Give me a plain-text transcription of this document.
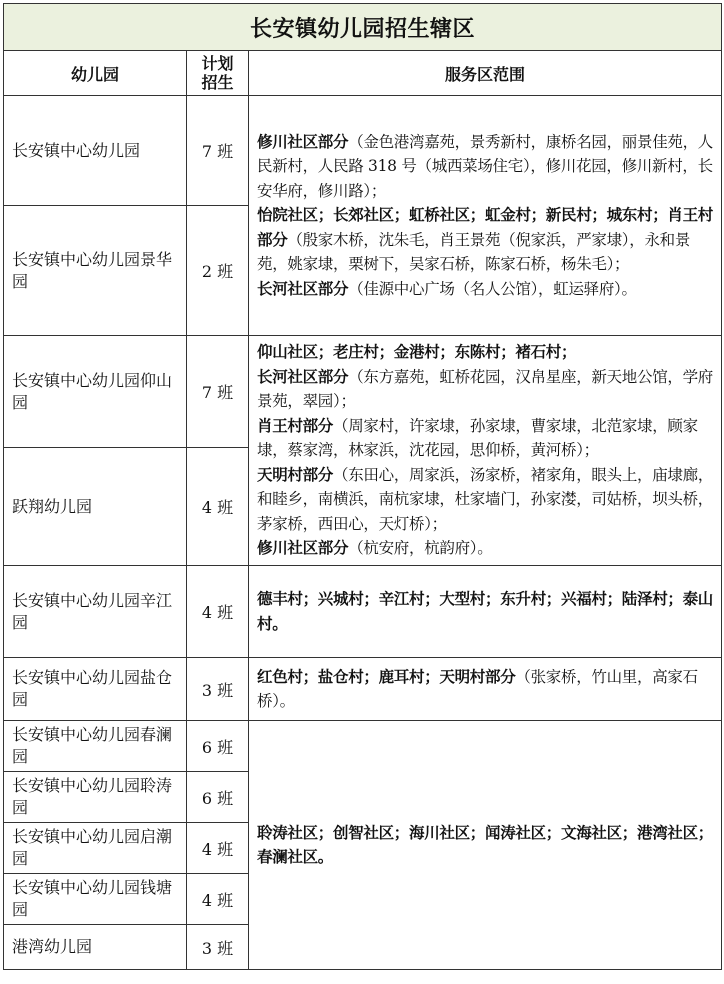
长安镇幼儿园招生辖区		
幼儿园	计划招生	服务区范围
长安镇中心幼儿园	7 班	修川社区部分（金色港湾嘉苑，景秀新村，康桥名园，丽景佳苑，人民新村，人民路 318 号（城西菜场住宅），修川花园，修川新村，长安华府，修川路）；
怡院社区；长郊社区；虹桥社区；虹金村；新民村；城东村；肖王村部分（殷家木桥，沈朱毛，肖王景苑（倪家浜，严家埭），永和景苑，姚家埭，栗树下，吴家石桥，陈家石桥，杨朱毛）；
长河社区部分（佳源中心广场（名人公馆），虹运驿府）。

长安镇中心幼儿园景华园	2 班	

长安镇中心幼儿园仰山园	7 班	仰山社区；老庄村；金港村；东陈村；褚石村；
长河社区部分（东方嘉苑，虹桥花园，汉帛星座，新天地公馆，学府景苑，翠园）；
肖王村部分（周家村，许家埭，孙家埭，曹家埭，北范家埭，顾家埭，蔡家湾，林家浜，沈花园，思仰桥，黄河桥）；
天明村部分（东田心，周家浜，汤家桥，褚家角，眼头上，庙埭廊，和睦乡，南横浜，南杭家埭，杜家墙门，孙家漤，司姑桥，坝头桥，茅家桥，西田心，天灯桥）；
修川社区部分（杭安府，杭韵府）。

跃翔幼儿园	4 班	

长安镇中心幼儿园辛江园	4 班	德丰村；兴城村；辛江村；大型村；东升村；兴福村；陆泽村；泰山村。

长安镇中心幼儿园盐仓园	3 班	红色村；盐仓村；鹿耳村；天明村部分（张家桥，竹山里，高家石桥）。

长安镇中心幼儿园春澜园	6 班	聆涛社区；创智社区；海川社区；闻涛社区；文海社区；港湾社区；春澜社区。

长安镇中心幼儿园聆涛园	6 班	

长安镇中心幼儿园启潮园	4 班	

长安镇中心幼儿园钱塘园	4 班	
港湾幼儿园	3 班	
